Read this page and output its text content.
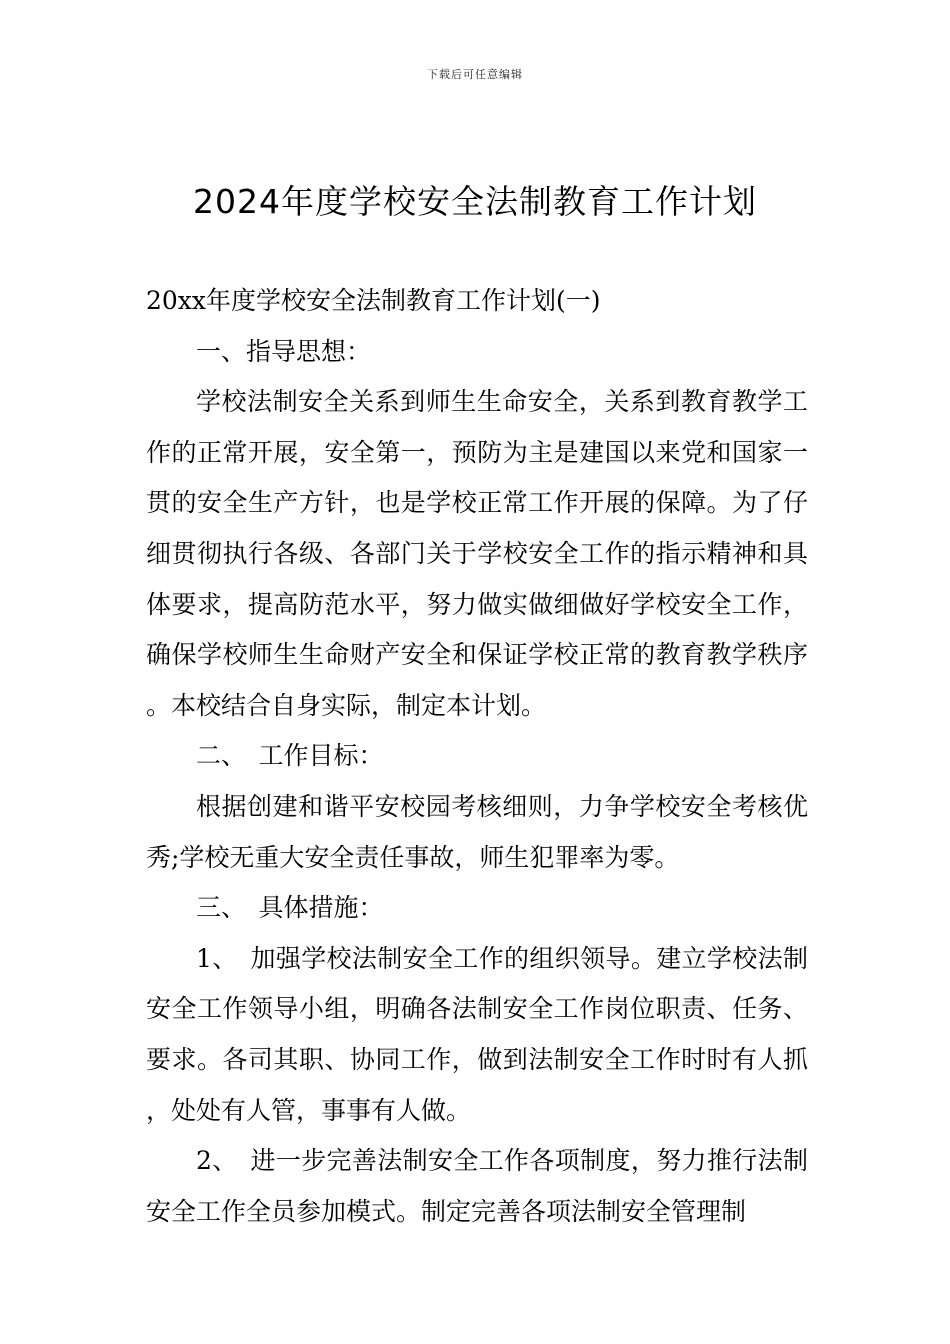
下载后可任意编辑
2024年度学校安全法制教育工作计划

20xx年度学校安全法制教育工作计划(一)

一、指导思想：

学校法制安全关系到师生生命安全，关系到教育教学工作的正常开展，安全第一，预防为主是建国以来党和国家一贯的安全生产方针，也是学校正常工作开展的保障。为了仔细贯彻执行各级、各部门关于学校安全工作的指示精神和具体要求，提高防范水平，努力做实做细做好学校安全工作，确保学校师生生命财产安全和保证学校正常的教育教学秩序。本校结合自身实际，制定本计划。

二、　工作目标：

根据创建和谐平安校园考核细则，力争学校安全考核优秀;学校无重大安全责任事故，师生犯罪率为零。

三、　具体措施：

1、　加强学校法制安全工作的组织领导。建立学校法制安全工作领导小组，明确各法制安全工作岗位职责、任务、要求。各司其职、协同工作，做到法制安全工作时时有人抓，处处有人管，事事有人做。

2、　进一步完善法制安全工作各项制度，努力推行法制安全工作全员参加模式。制定完善各项法制安全管理制
